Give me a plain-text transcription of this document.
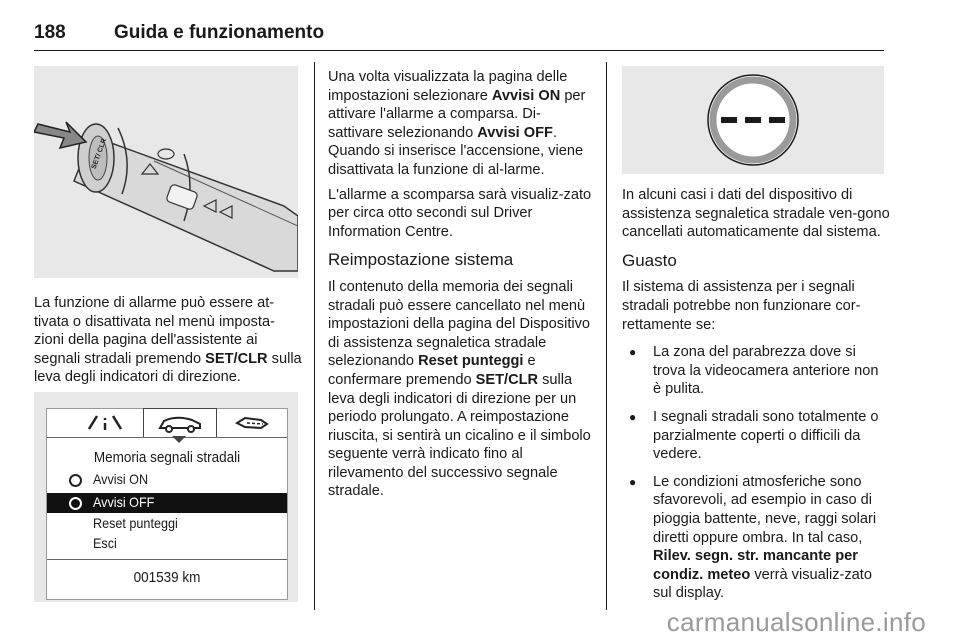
188	Guida e funzionamento
SET/ CLR

La funzione di allarme può essere at-tivata o disattivata nel menù imposta-zioni della pagina dell'assistente ai segnali stradali premendo SET/CLR sulla leva degli indicatori di direzione.

Memoria segnali stradali
Avvisi ON
Avvisi OFF
Reset punteggi
Esci
001539 km

Una volta visualizzata la pagina delle impostazioni selezionare Avvisi ON per attivare l'allarme a comparsa. Di-sattivare selezionando Avvisi OFF. Quando si inserisce l'accensione, viene disattivata la funzione di al-larme.

L'allarme a scomparsa sarà visualiz-zato per circa otto secondi sul Driver Information Centre.

Reimpostazione sistema

Il contenuto della memoria dei segnali stradali può essere cancellato nel menù impostazioni della pagina del Dispositivo di assistenza segnaletica stradale selezionando Reset punteggi e confermare premendo SET/CLR sulla leva degli indicatori di direzione per un periodo prolungato. A reimpostazione riuscita, si sentirà un cicalino e il simbolo seguente verrà indicato fino al rilevamento del successivo segnale stradale.

In alcuni casi i dati del dispositivo di assistenza segnaletica stradale ven-gono cancellati automaticamente dal sistema.

Guasto

Il sistema di assistenza per i segnali stradali potrebbe non funzionare cor-rettamente se:

● La zona del parabrezza dove si trova la videocamera anteriore non è pulita.
● I segnali stradali sono totalmente o parzialmente coperti o difficili da vedere.
● Le condizioni atmosferiche sono sfavorevoli, ad esempio in caso di pioggia battente, neve, raggi solari diretti oppure ombra. In tal caso, Rilev. segn. str. mancante per condiz. meteo verrà visualiz-zato sul display.
carmanualsonline.info
